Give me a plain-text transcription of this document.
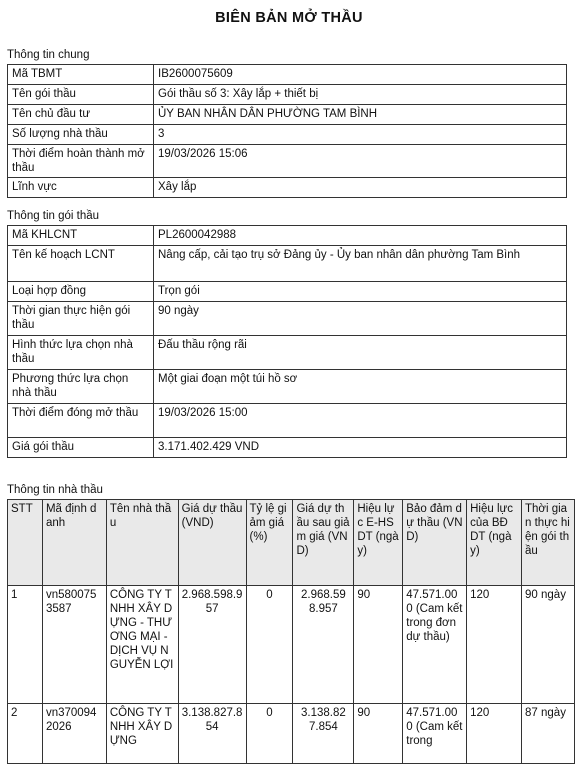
BIÊN BẢN MỞ THẦU
Thông tin chung
Mã TBMT	IB2600075609
Tên gói thầu	Gói thầu số 3: Xây lắp + thiết bị
Tên chủ đầu tư	ỦY BAN NHÂN DÂN PHƯỜNG TAM BÌNH
Số lượng nhà thầu	3
Thời điểm hoàn thành mở thầu	19/03/2026 15:06
Lĩnh vực	Xây lắp
Thông tin gói thầu
Mã KHLCNT	PL2600042988
Tên kế hoạch LCNT	Nâng cấp, cải tạo trụ sở Đảng ủy - Ủy ban nhân dân phường Tam Bình
Loại hợp đồng	Trọn gói
Thời gian thực hiện gói thầu	90 ngày
Hình thức lựa chọn nhà thầu	Đấu thầu rộng rãi
Phương thức lựa chọn nhà thầu	Một giai đoạn một túi hồ sơ
Thời điểm đóng mở thầu	19/03/2026 15:00
Giá gói thầu	3.171.402.429 VND
Thông tin nhà thầu
STT	Mã định danh	Tên nhà thầu	Giá dự thầu (VND)	Tỷ lệ giảm giá (%)	Giá dự thầu sau giảm giá (VND)	Hiệu lực E-HSDT (ngày)	Bảo đảm dự thầu (VND)	Hiệu lực của BĐ DT (ngày)	Thời gian thực hiện gói thầu
1	vn5800753587	CÔNG TY TNHH XÂY DỰNG - THƯƠNG MẠI - DỊCH VỤ NGUYỄN LỢI	2.968.598.957	0	2.968.598.957	90	47.571.000 (Cam kết trong đơn dự thầu)	120	90 ngày
2	vn3700942026	CÔNG TY TNHH XÂY DỰNG	3.138.827.854	0	3.138.827.854	90	47.571.000 (Cam kết trong	120	87 ngày
